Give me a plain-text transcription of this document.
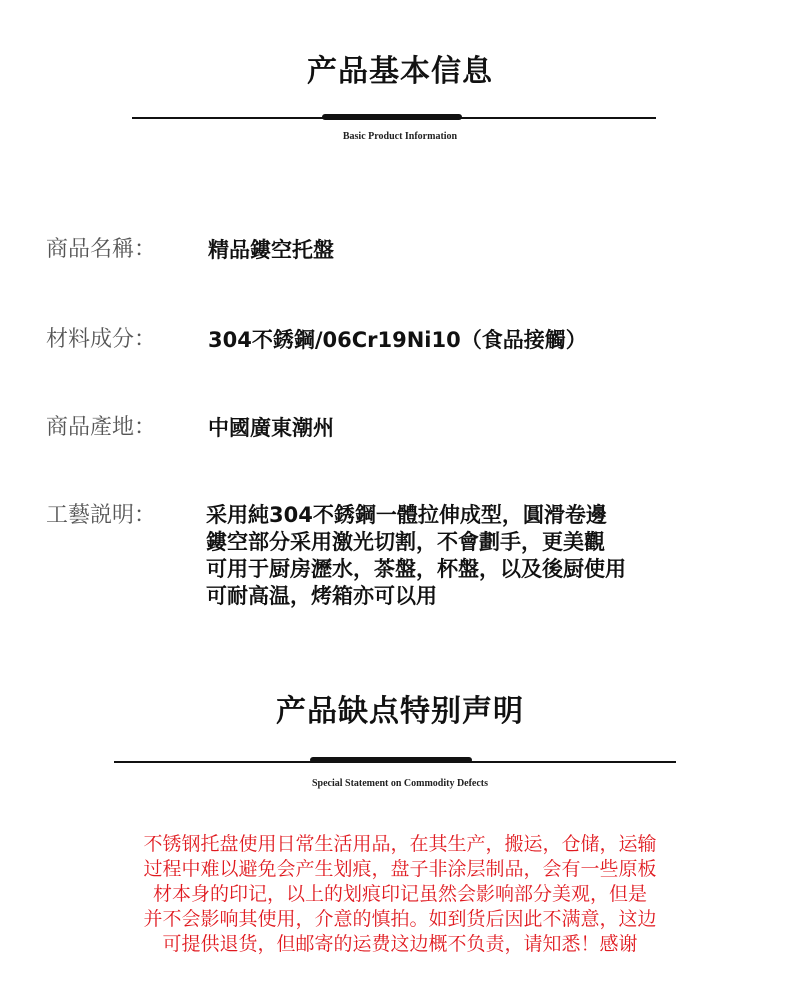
产品基本信息
Basic Product Information
商品名稱： 精品鏤空托盤
材料成分： 304不銹鋼/06Cr19Ni10（食品接觸）
商品產地： 中國廣東潮州
工藝説明： 采用純304不銹鋼一體拉伸成型，圓滑卷邊
鏤空部分采用激光切割，不會劃手，更美觀
可用于厨房瀝水，茶盤，杯盤，以及後厨使用
可耐高温，烤箱亦可以用
产品缺点特别声明
Special Statement on Commodity Defects
不锈钢托盘使用日常生活用品，在其生产，搬运，仓储，运输
过程中难以避免会产生划痕，盘子非涂层制品，会有一些原板
材本身的印记，以上的划痕印记虽然会影响部分美观，但是
并不会影响其使用，介意的慎拍。如到货后因此不满意，这边
可提供退货，但邮寄的运费这边概不负责，请知悉！感谢
